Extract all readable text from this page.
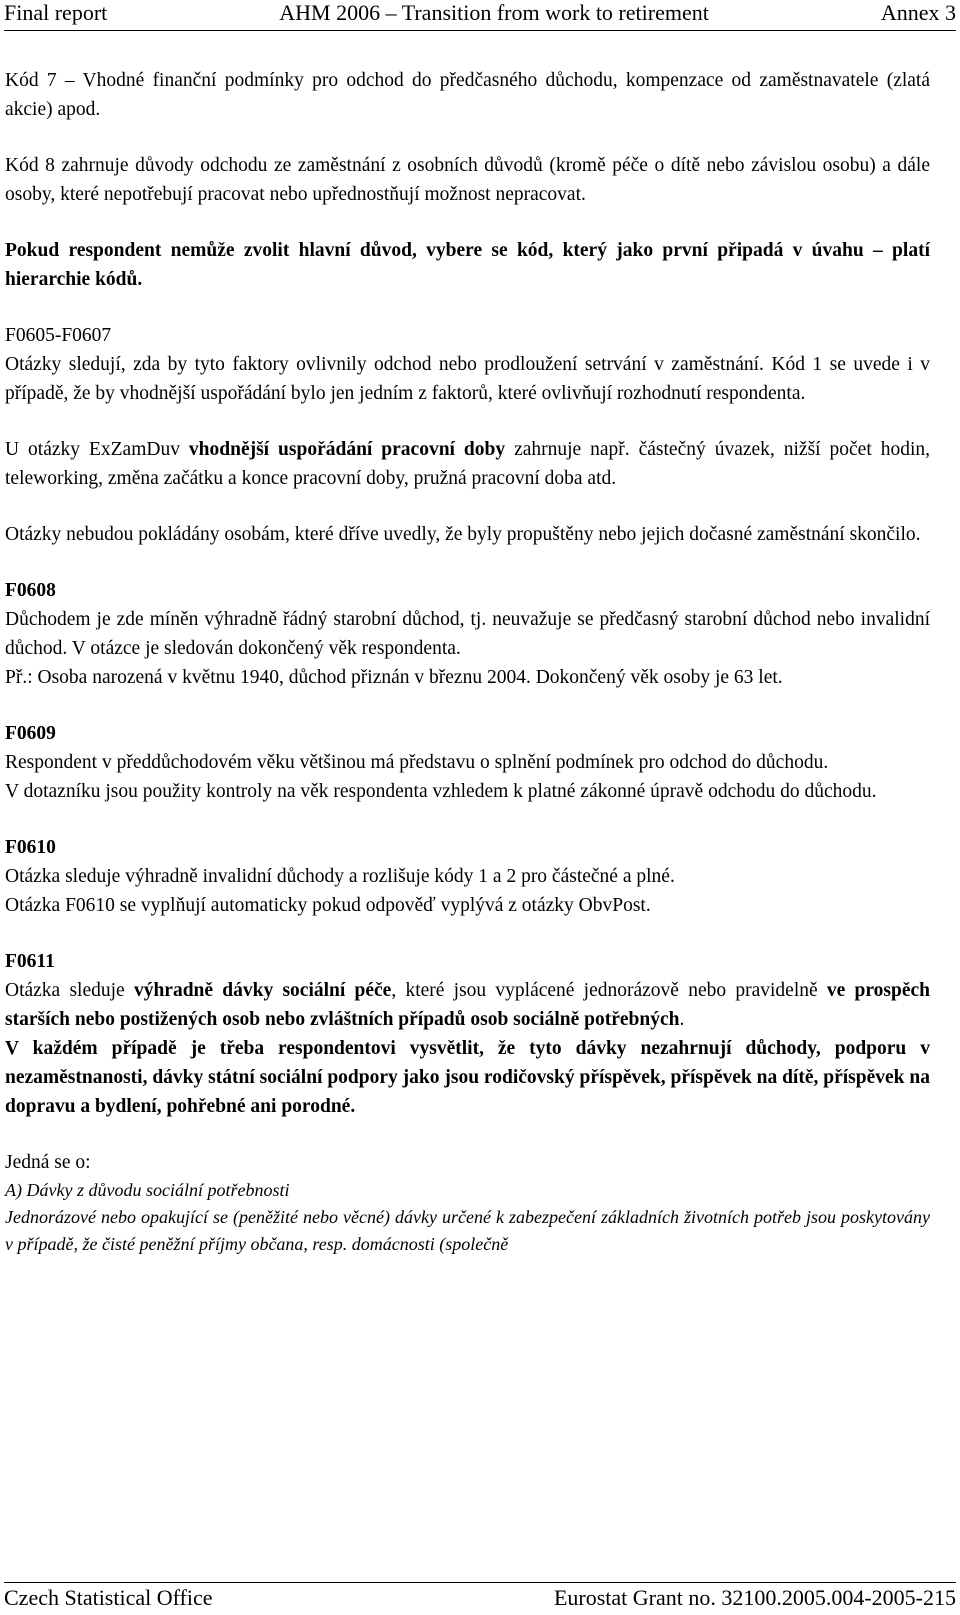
Final report	AHM 2006 – Transition from work to retirement	Annex 3

Kód 7 – Vhodné finanční podmínky pro odchod do předčasného důchodu, kompenzace od zaměstnavatele (zlatá akcie) apod.

Kód 8 zahrnuje důvody odchodu ze zaměstnání z osobních důvodů (kromě péče o dítě nebo závislou osobu) a dále osoby, které nepotřebují pracovat nebo upřednostňují možnost nepracovat.

Pokud respondent nemůže zvolit hlavní důvod, vybere se kód, který jako první připadá v úvahu – platí hierarchie kódů.

F0605-F0607

Otázky sledují, zda by tyto faktory ovlivnily odchod nebo prodloužení setrvání v zaměstnání. Kód 1 se uvede i v případě, že by vhodnější uspořádání bylo jen jedním z faktorů, které ovlivňují rozhodnutí respondenta.

U otázky ExZamDuv vhodnější uspořádání pracovní doby zahrnuje např. částečný úvazek, nižší počet hodin, teleworking, změna začátku a konce pracovní doby, pružná pracovní doba atd.

Otázky nebudou pokládány osobám, které dříve uvedly, že byly propuštěny nebo jejich dočasné zaměstnání skončilo.

F0608

Důchodem je zde míněn výhradně řádný starobní důchod, tj. neuvažuje se předčasný starobní důchod nebo invalidní důchod. V otázce je sledován dokončený věk respondenta.

Př.: Osoba narozená v květnu 1940, důchod přiznán v březnu 2004. Dokončený věk osoby je 63 let.

F0609

Respondent v předdůchodovém věku většinou má představu o splnění podmínek pro odchod do důchodu.

V dotazníku jsou použity kontroly na věk respondenta vzhledem k platné zákonné úpravě odchodu do důchodu.

F0610

Otázka sleduje výhradně invalidní důchody a rozlišuje kódy 1 a 2 pro částečné a plné.

Otázka F0610 se vyplňují automaticky pokud odpověď vyplývá z otázky ObvPost.

F0611

Otázka sleduje výhradně dávky sociální péče, které jsou vyplácené jednorázově nebo pravidelně ve prospěch starších nebo postižených osob nebo zvláštních případů osob sociálně potřebných.

V každém případě je třeba respondentovi vysvětlit, že tyto dávky nezahrnují důchody, podporu v nezaměstnanosti, dávky státní sociální podpory jako jsou rodičovský příspěvek, příspěvek na dítě, příspěvek na dopravu a bydlení, pohřebné ani porodné.

Jedná se o:

A) Dávky z důvodu sociální potřebnosti

Jednorázové nebo opakující se (peněžité nebo věcné) dávky určené k zabezpečení základních životních potřeb jsou poskytovány v případě, že čisté peněžní příjmy občana, resp. domácnosti (společně

Czech Statistical Office	Eurostat Grant no. 32100.2005.004-2005-215
